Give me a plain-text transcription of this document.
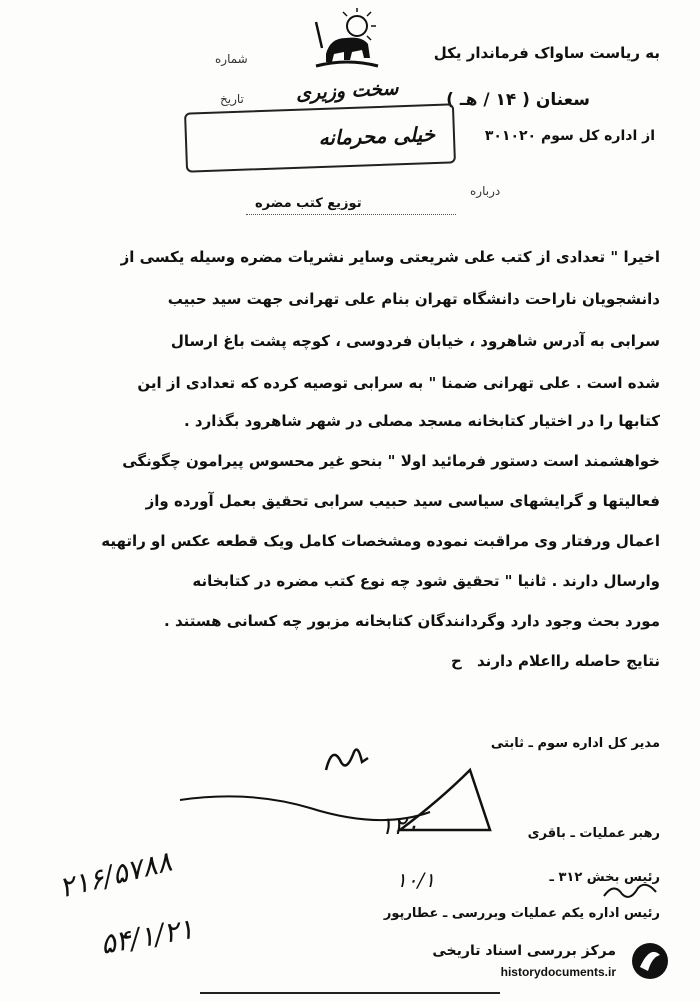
به ریاست ساواک فرماندار یکل
شماره
تاریخ	سخت وزیری	سعنان ( ۱۴ / هـ )
از اداره کل سوم ۳۰۱۰۲۰
خیلی محرمانه
درباره
توزیع کتب مضره
اخیرا " تعدادی از کتب علی شریعتی وسایر نشریات مضره وسیله یکسی از
دانشجویان ناراحت دانشگاه تهران بنام علی تهرانی جهت سید حبیب
سرابی به آدرس شاهرود ، خیابان فردوسی ، کوچه پشت باغ ارسال
شده است . علی تهرانی ضمنا " به سرابی توصیه کرده که تعدادی از این
کتابها را در اختیار کتابخانه مسجد مصلی در شهر شاهرود بگذارد .
خواهشمند است دستور فرمائید اولا " بنحو غیر محسوس پیرامون چگونگی
فعالیتها و گرایشهای سیاسی سید حبیب سرابی تحقیق بعمل آورده واز
اعمال ورفتار وی مراقبت نموده ومشخصات کامل ویک قطعه عکس او راتهیه
وارسال دارند . ثانیا " تحقیق شود چه نوع کتب مضره در کتابخانه
مورد بحث وجود دارد وگردانندگان کتابخانه مزبور چه کسانی هستند .
نتایج حاصله رااعلام دارند ح
مدیر کل اداره سوم ـ ثابتی
رهبر عملیات ـ باقری
۱۲۰
رئیس بخش ۳۱۲ ـ
۱۰/۱
رئیس اداره یکم عملیات وبررسی ـ عطارپور
۲۱۶/۵۷۸۸
۵۴/۱/۲۱	مرکز بررسی اسناد تاریخی
historydocuments.ir
